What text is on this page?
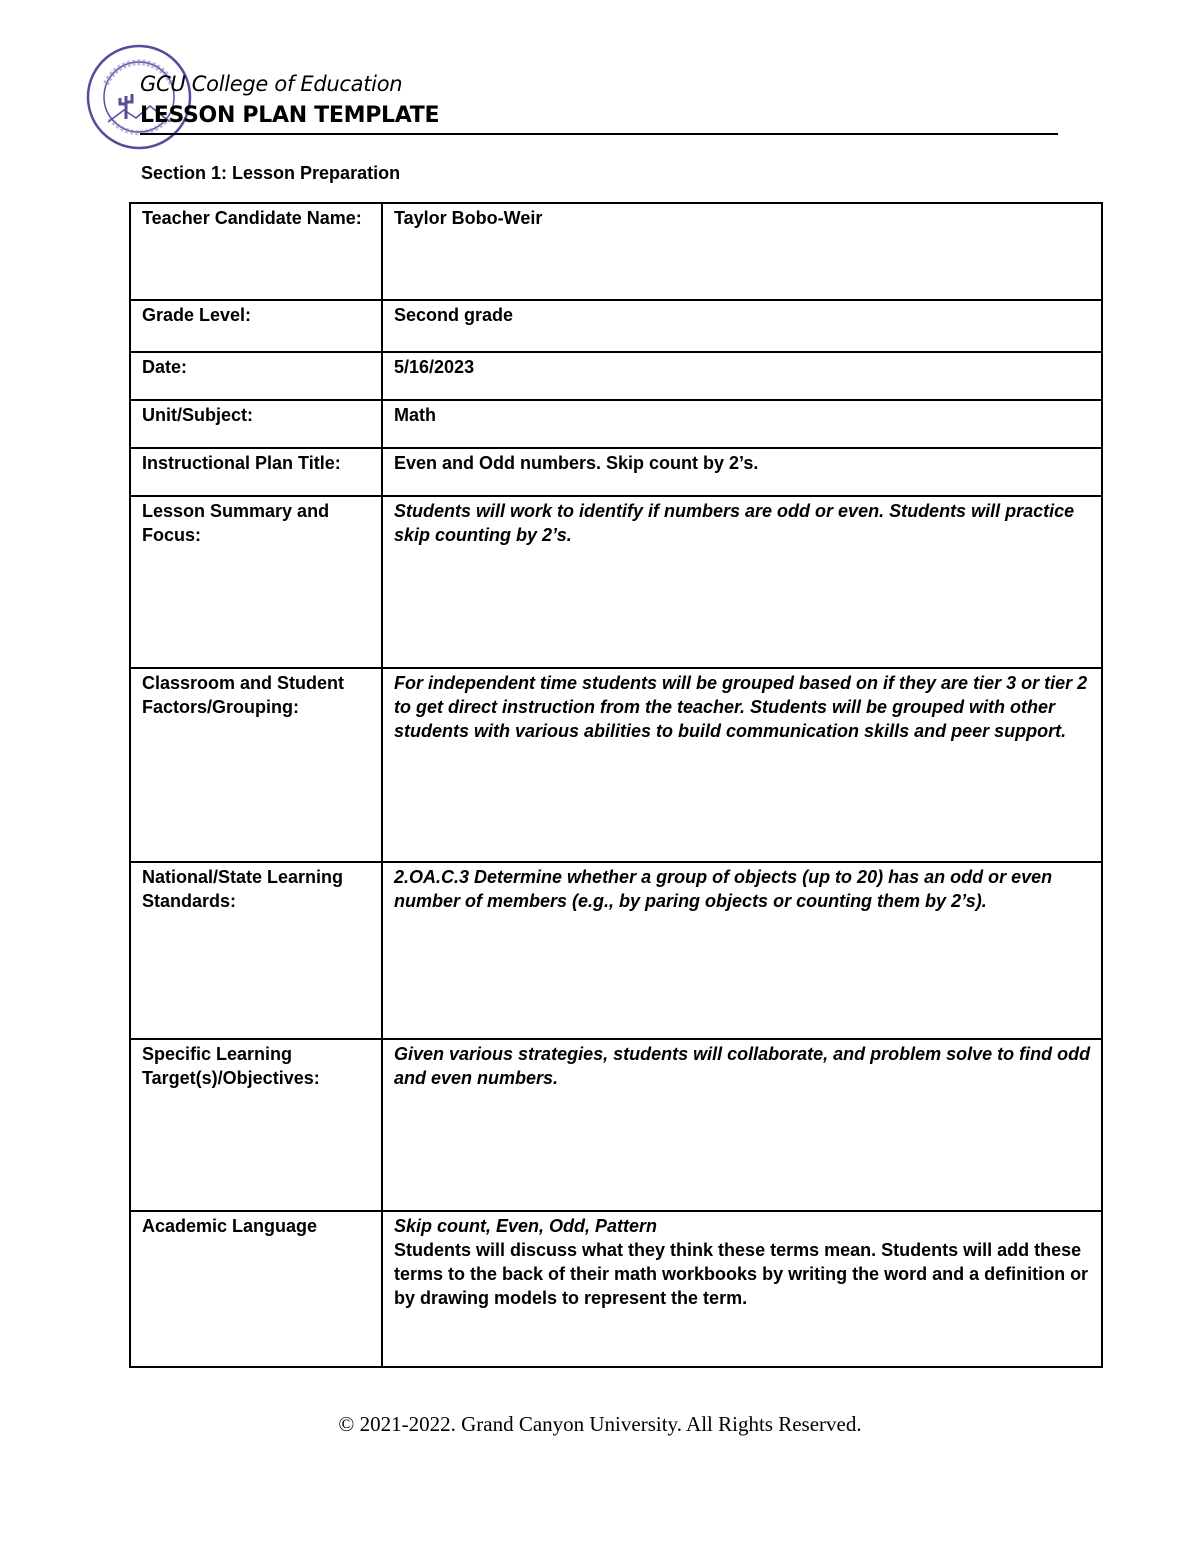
GCU College of Education
LESSON PLAN TEMPLATE
Section 1: Lesson Preparation
Teacher Candidate Name:	Taylor Bobo-Weir
Grade Level:	Second grade
Date:	5/16/2023
Unit/Subject:	Math
Instructional Plan Title:	Even and Odd numbers. Skip count by 2’s.
Lesson Summary and Focus:	Students will work to identify if numbers are odd or even. Students will practice skip counting by 2’s.
Classroom and Student Factors/Grouping:	For independent time students will be grouped based on if they are tier 3 or tier 2 to get direct instruction from the teacher. Students will be grouped with other students with various abilities to build communication skills and peer support.
National/State Learning Standards:	2.OA.C.3 Determine whether a group of objects (up to 20) has an odd or even number of members (e.g., by paring objects or counting them by 2’s).
Specific Learning Target(s)/Objectives:	Given various strategies, students will collaborate, and problem solve to find odd and even numbers.
Academic Language	Skip count, Even, Odd, Pattern
Students will discuss what they think these terms mean. Students will add these terms to the back of their math workbooks by writing the word and a definition or by drawing models to represent the term.
© 2021-2022. Grand Canyon University. All Rights Reserved.
